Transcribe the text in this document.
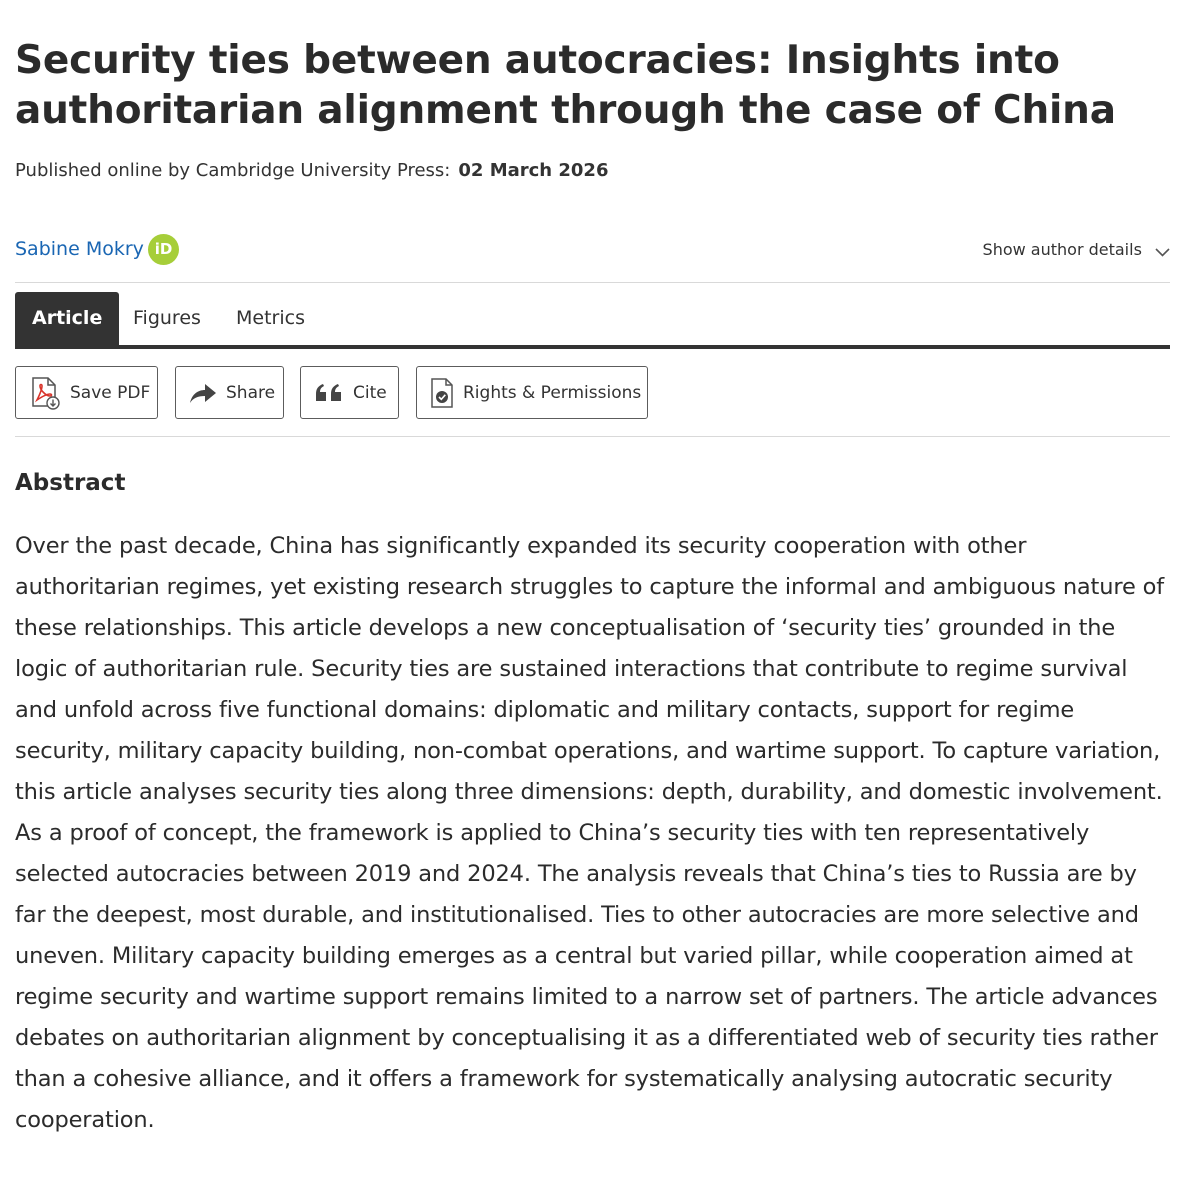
Security ties between autocracies: Insights into authoritarian alignment through the case of China
Published online by Cambridge University Press: 02 March 2026
Sabine Mokry iD	Show author details
Article	Figures	Metrics
Save PDF	Share	Cite	Rights & Permissions
Abstract

Over the past decade, China has significantly expanded its security cooperation with other authoritarian regimes, yet existing research struggles to capture the informal and ambiguous nature of these relationships. This article develops a new conceptualisation of ‘security ties’ grounded in the logic of authoritarian rule. Security ties are sustained interactions that contribute to regime survival and unfold across five functional domains: diplomatic and military contacts, support for regime security, military capacity building, non-combat operations, and wartime support. To capture variation, this article analyses security ties along three dimensions: depth, durability, and domestic involvement. As a proof of concept, the framework is applied to China’s security ties with ten representatively selected autocracies between 2019 and 2024. The analysis reveals that China’s ties to Russia are by far the deepest, most durable, and institutionalised. Ties to other autocracies are more selective and uneven. Military capacity building emerges as a central but varied pillar, while cooperation aimed at regime security and wartime support remains limited to a narrow set of partners. The article advances debates on authoritarian alignment by conceptualising it as a differentiated web of security ties rather than a cohesive alliance, and it offers a framework for systematically analysing autocratic security cooperation.
